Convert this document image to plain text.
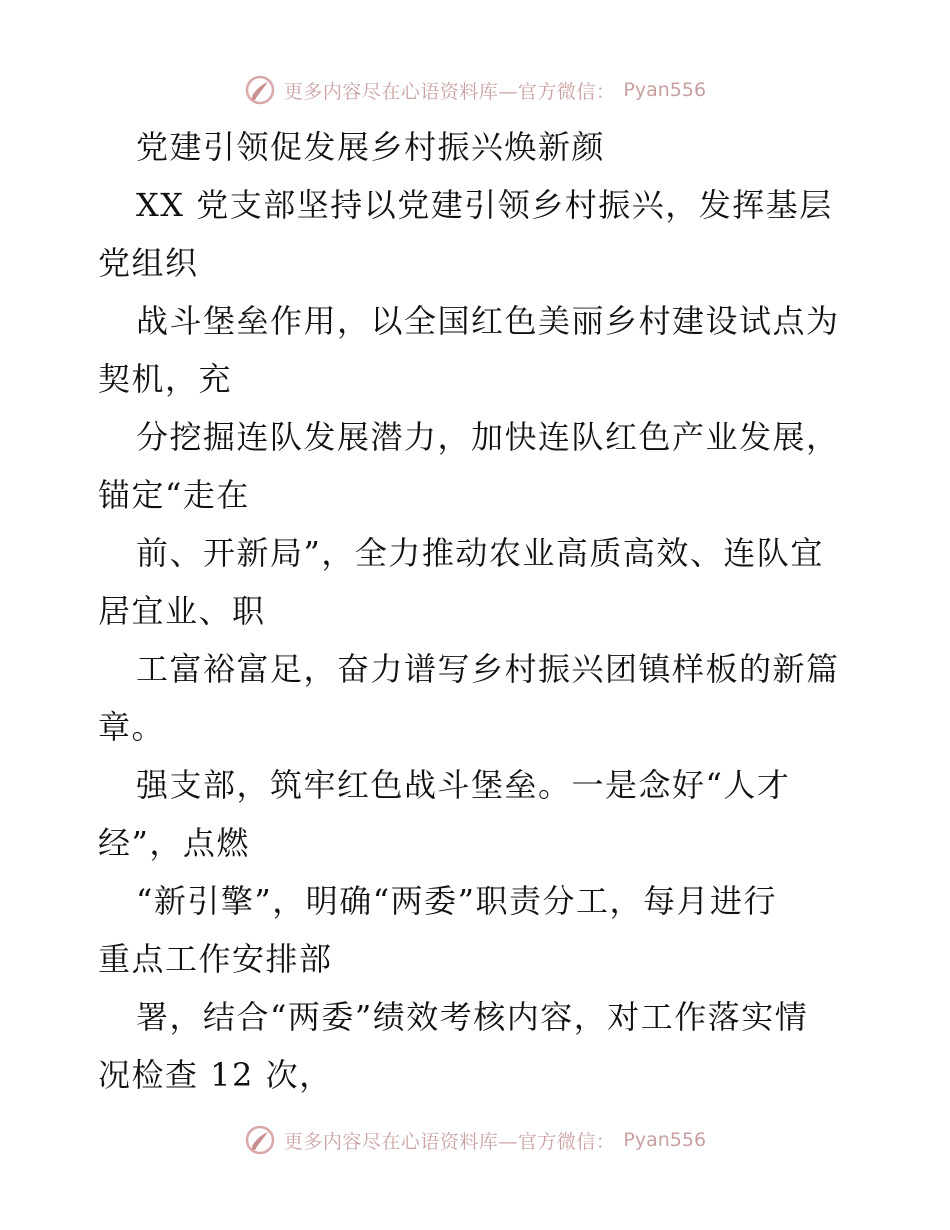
更多内容尽在心语资料库—官方微信： Pyan556
党建引领促发展乡村振兴焕新颜
XX 党支部坚持以党建引领乡村振兴，发挥基层
党组织
战斗堡垒作用，以全国红色美丽乡村建设试点为
契机，充
分挖掘连队发展潜力，加快连队红色产业发展，
锚定“走在
前、开新局”，全力推动农业高质高效、连队宜
居宜业、职
工富裕富足，奋力谱写乡村振兴团镇样板的新篇
章。
强支部，筑牢红色战斗堡垒。一是念好“人才
经”，点燃
“新引擎”，明确“两委”职责分工，每月进行
重点工作安排部
署，结合“两委”绩效考核内容，对工作落实情
况检查 12 次，
更多内容尽在心语资料库—官方微信： Pyan556
